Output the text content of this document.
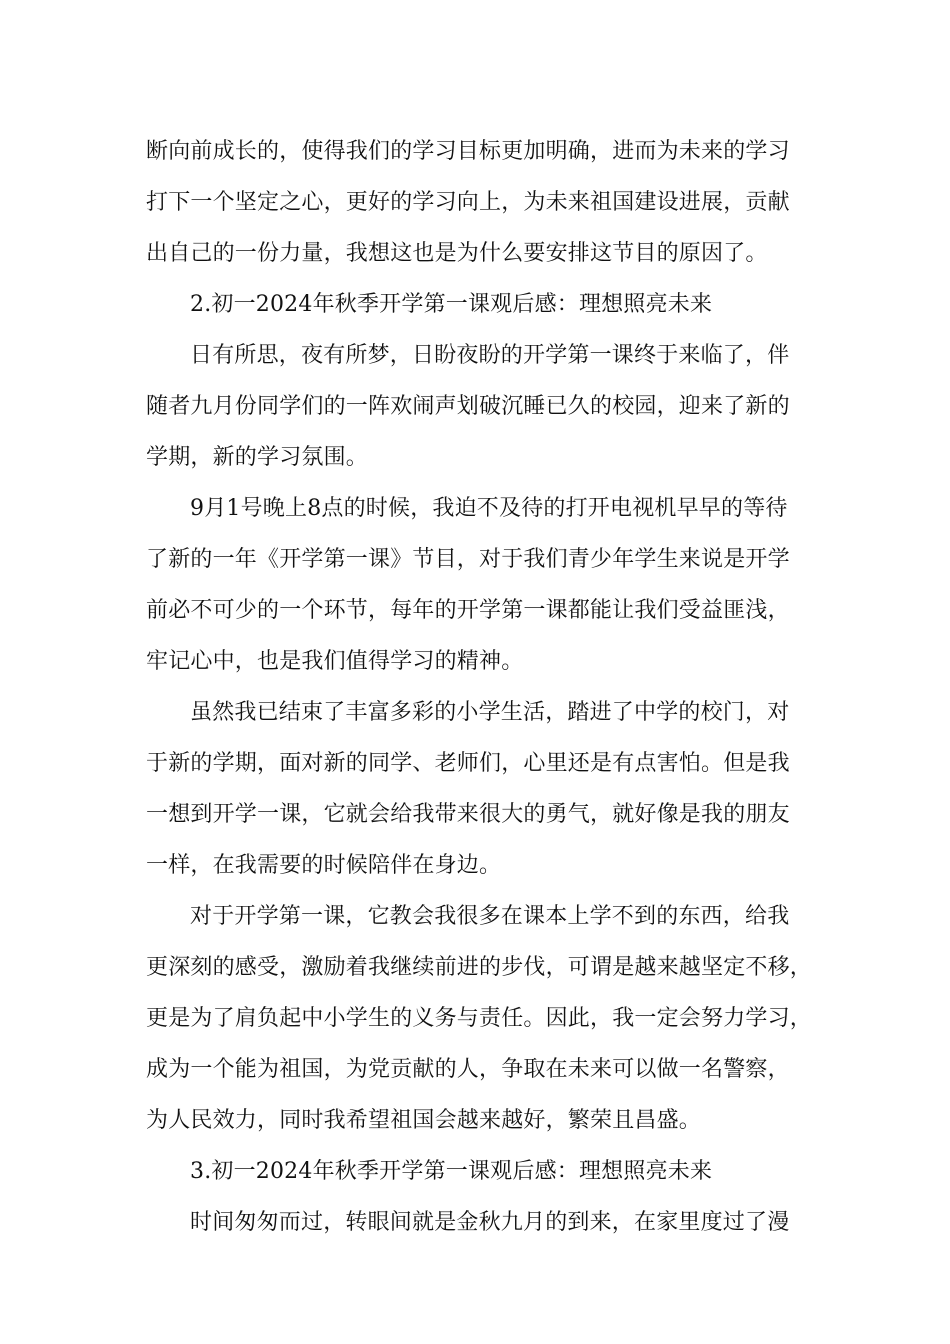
断向前成长的，使得我们的学习目标更加明确，进而为未来的学习
打下一个坚定之心，更好的学习向上，为未来祖国建设进展，贡献
出自己的一份力量，我想这也是为什么要安排这节目的原因了。
2.初一2024年秋季开学第一课观后感：理想照亮未来
日有所思，夜有所梦，日盼夜盼的开学第一课终于来临了，伴
随者九月份同学们的一阵欢闹声划破沉睡已久的校园，迎来了新的
学期，新的学习氛围。
9月1号晚上8点的时候，我迫不及待的打开电视机早早的等待
了新的一年《开学第一课》节目，对于我们青少年学生来说是开学
前必不可少的一个环节，每年的开学第一课都能让我们受益匪浅，
牢记心中，也是我们值得学习的精神。
虽然我已结束了丰富多彩的小学生活，踏进了中学的校门，对
于新的学期，面对新的同学、老师们，心里还是有点害怕。但是我
一想到开学一课，它就会给我带来很大的勇气，就好像是我的朋友
一样，在我需要的时候陪伴在身边。
对于开学第一课，它教会我很多在课本上学不到的东西，给我
更深刻的感受，激励着我继续前进的步伐，可谓是越来越坚定不移，
更是为了肩负起中小学生的义务与责任。因此，我一定会努力学习，
成为一个能为祖国，为党贡献的人，争取在未来可以做一名警察，
为人民效力，同时我希望祖国会越来越好，繁荣且昌盛。
3.初一2024年秋季开学第一课观后感：理想照亮未来
时间匆匆而过，转眼间就是金秋九月的到来，在家里度过了漫
